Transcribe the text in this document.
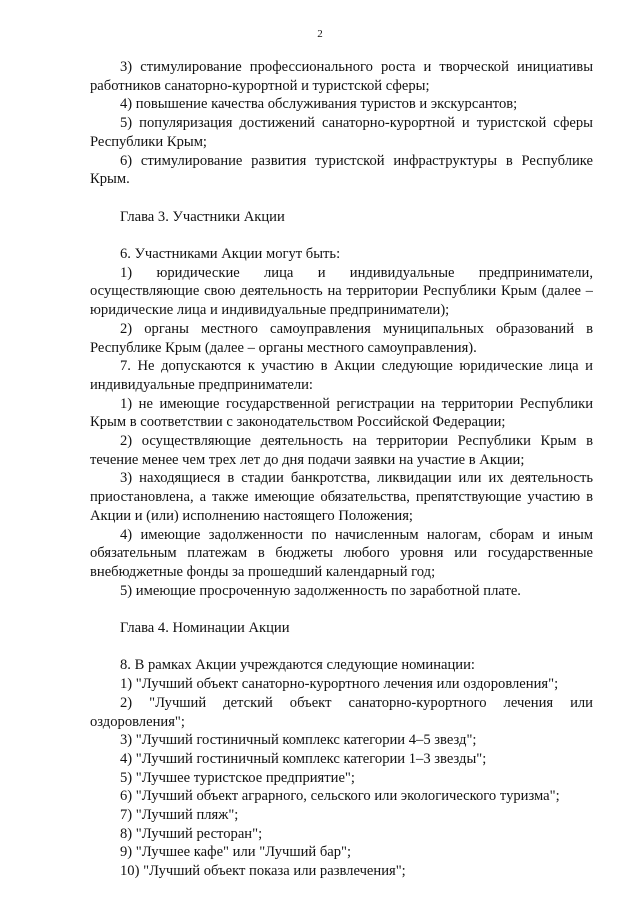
2

3) стимулирование профессионального роста и творческой инициативы работников санаторно-курортной и туристской сферы;

4) повышение качества обслуживания туристов и экскурсантов;

5) популяризация достижений санаторно-курортной и туристской сферы Республики Крым;

6) стимулирование развития туристской инфраструктуры в Республике Крым.

Глава 3. Участники Акции

6. Участниками Акции могут быть:

1) юридические лица и индивидуальные предприниматели, осуществляющие свою деятельность на территории Республики Крым (далее – юридические лица и индивидуальные предприниматели);

2) органы местного самоуправления муниципальных образований в Республике Крым (далее – органы местного самоуправления).

7. Не допускаются к участию в Акции следующие юридические лица и индивидуальные предприниматели:

1) не имеющие государственной регистрации на территории Республики Крым в соответствии с законодательством Российской Федерации;

2) осуществляющие деятельность на территории Республики Крым в течение менее чем трех лет до дня подачи заявки на участие в Акции;

3) находящиеся в стадии банкротства, ликвидации или их деятельность приостановлена, а также имеющие обязательства, препятствующие участию в Акции и (или) исполнению настоящего Положения;

4) имеющие задолженности по начисленным налогам, сборам и иным обязательным платежам в бюджеты любого уровня или государственные внебюджетные фонды за прошедший календарный год;

5) имеющие просроченную задолженность по заработной плате.

Глава 4. Номинации Акции

8. В рамках Акции учреждаются следующие номинации:

1) "Лучший объект санаторно-курортного лечения или оздоровления";

2) "Лучший детский объект санаторно-курортного лечения или оздоровления";

3) "Лучший гостиничный комплекс категории 4–5 звезд";

4) "Лучший гостиничный комплекс категории 1–3 звезды";

5) "Лучшее туристское предприятие";

6) "Лучший объект аграрного, сельского или экологического туризма";

7) "Лучший пляж";

8) "Лучший ресторан";

9) "Лучшее кафе" или "Лучший бар";

10) "Лучший объект показа или развлечения";
